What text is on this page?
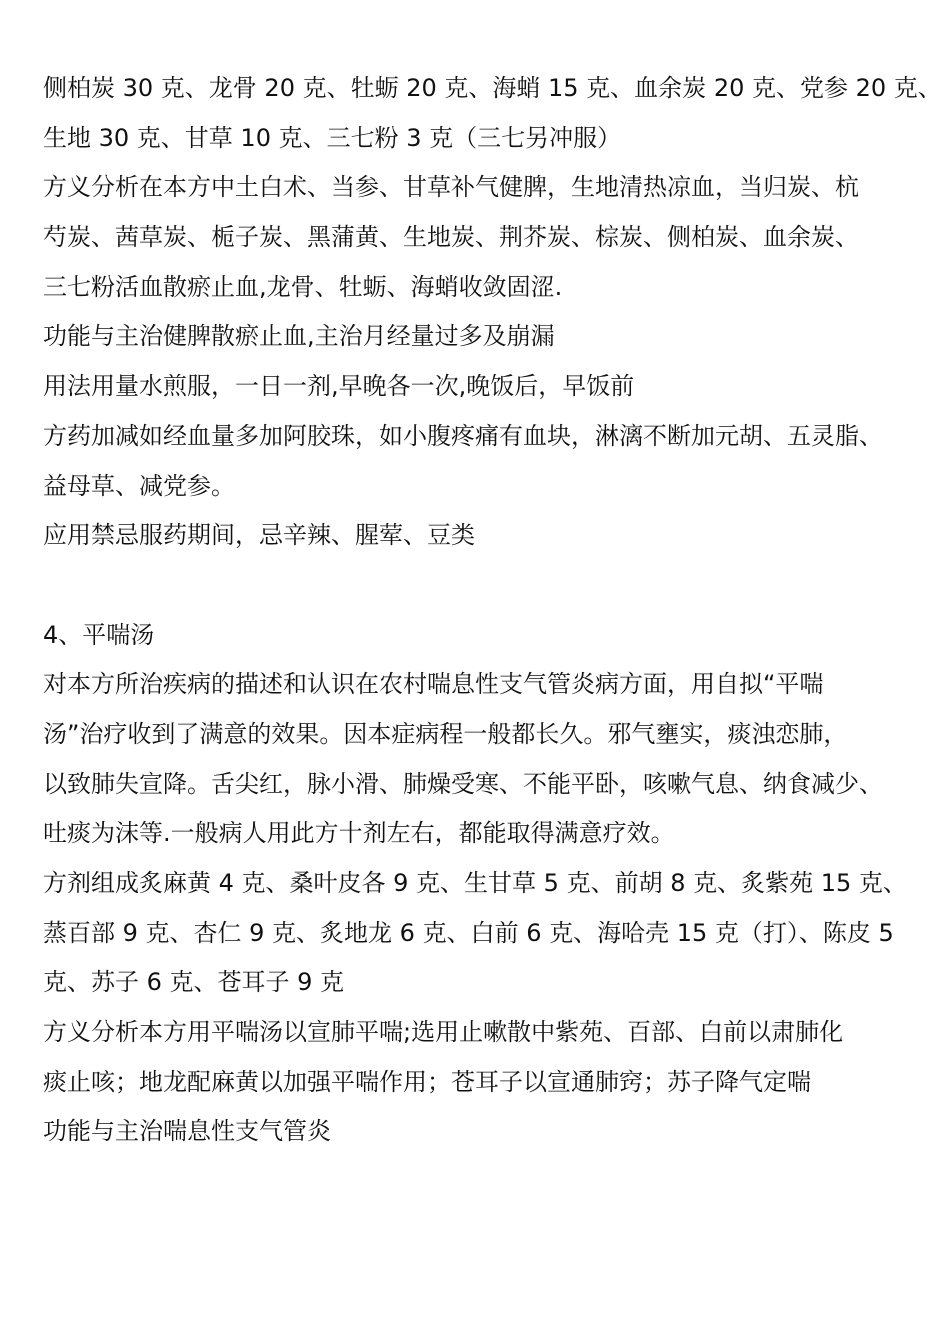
侧柏炭 30 克、龙骨 20 克、牡蛎 20 克、海蛸 15 克、血余炭 20 克、党参 20 克、
生地 30 克、甘草 10 克、三七粉 3 克（三七另冲服）
方义分析在本方中土白术、当参、甘草补气健脾，生地清热凉血，当归炭、杭
芍炭、茜草炭、栀子炭、黑蒲黄、生地炭、荆芥炭、棕炭、侧柏炭、血余炭、
三七粉活血散瘀止血,龙骨、牡蛎、海蛸收敛固涩.
功能与主治健脾散瘀止血,主治月经量过多及崩漏
用法用量水煎服，一日一剂,早晚各一次,晚饭后，早饭前
方药加减如经血量多加阿胶珠，如小腹疼痛有血块，淋漓不断加元胡、五灵脂、
益母草、减党参。
应用禁忌服药期间，忌辛辣、腥荤、豆类
4、平喘汤
对本方所治疾病的描述和认识在农村喘息性支气管炎病方面，用自拟“平喘
汤”治疗收到了满意的效果。因本症病程一般都长久。邪气壅实，痰浊恋肺，
以致肺失宣降。舌尖红，脉小滑、肺燥受寒、不能平卧，咳嗽气息、纳食减少、
吐痰为沫等.一般病人用此方十剂左右，都能取得满意疗效。
方剂组成炙麻黄 4 克、桑叶皮各 9 克、生甘草 5 克、前胡 8 克、炙紫苑 15 克、
蒸百部 9 克、杏仁 9 克、炙地龙 6 克、白前 6 克、海哈壳 15 克（打）、陈皮 5
克、苏子 6 克、苍耳子 9 克
方义分析本方用平喘汤以宣肺平喘;选用止嗽散中紫苑、百部、白前以肃肺化
痰止咳；地龙配麻黄以加强平喘作用；苍耳子以宣通肺窍；苏子降气定喘
功能与主治喘息性支气管炎
